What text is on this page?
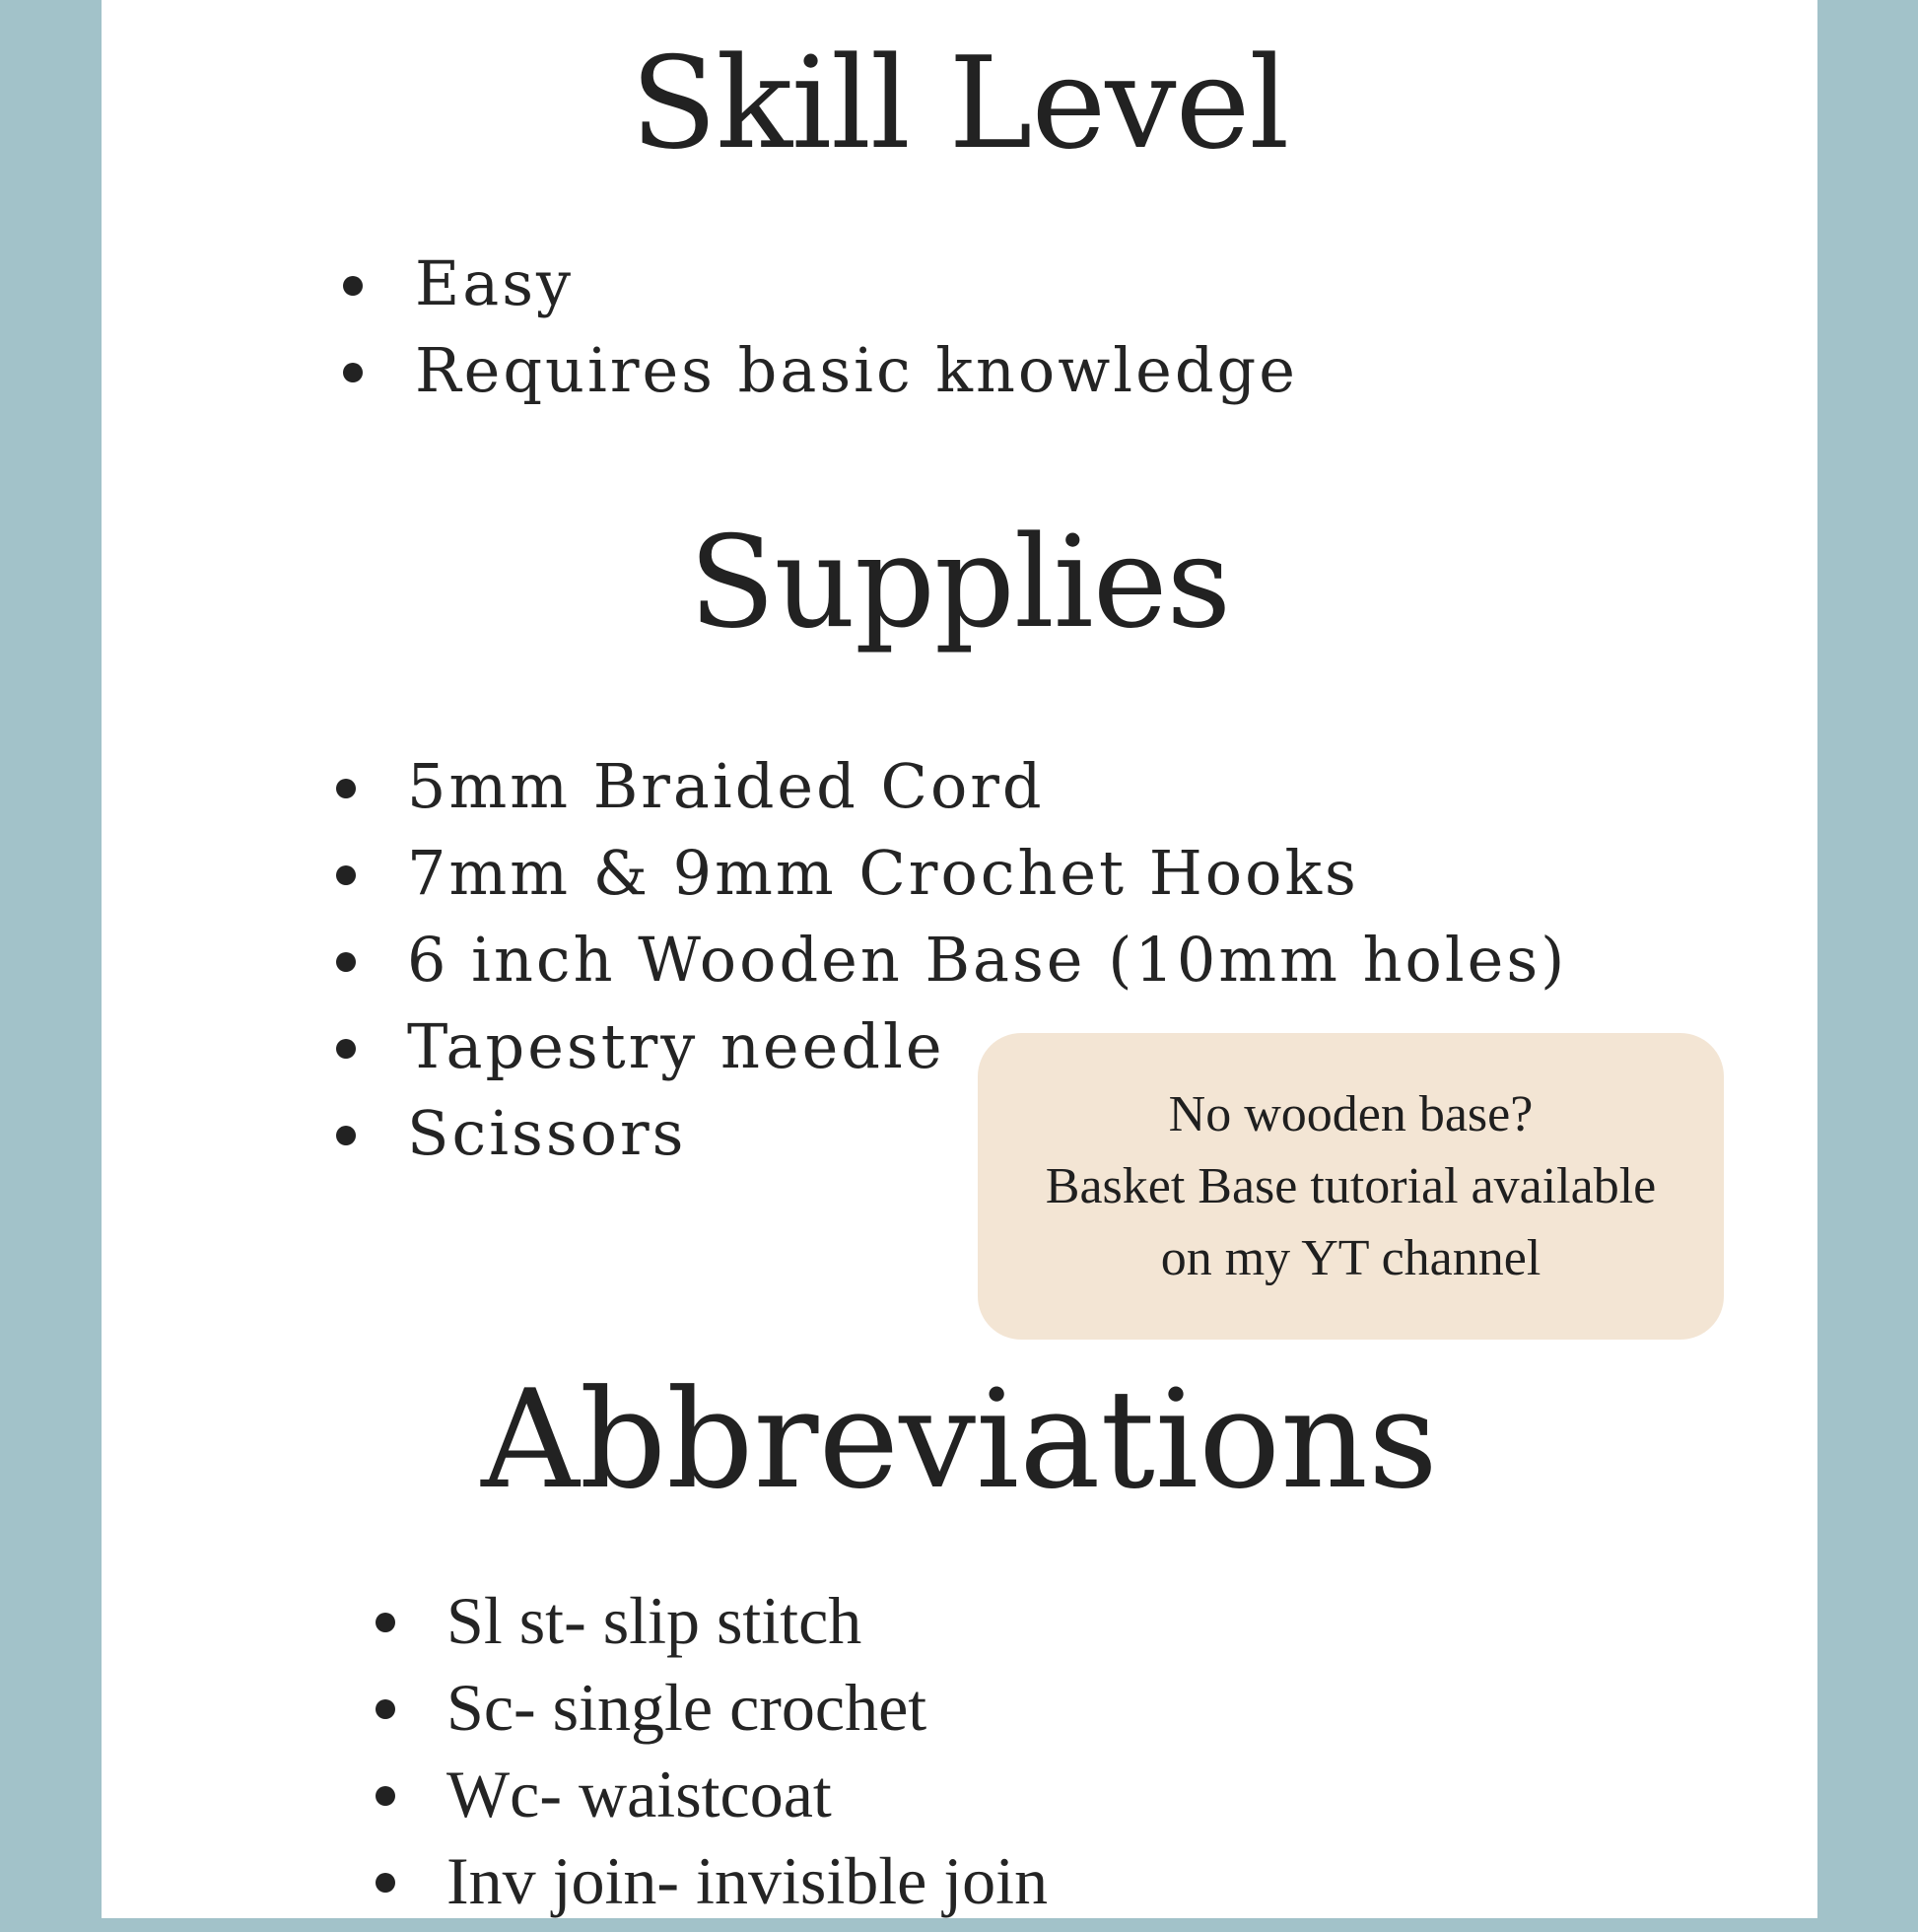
Skill Level
Easy
Requires basic knowledge
Supplies
5mm Braided Cord
7mm & 9mm Crochet Hooks
6 inch Wooden Base (10mm holes)
Tapestry needle
Scissors	No wooden base?
Basket Base tutorial available
on my YT channel
Abbreviations
Sl st- slip stitch
Sc- single crochet
Wc- waistcoat
Inv join- invisible join
